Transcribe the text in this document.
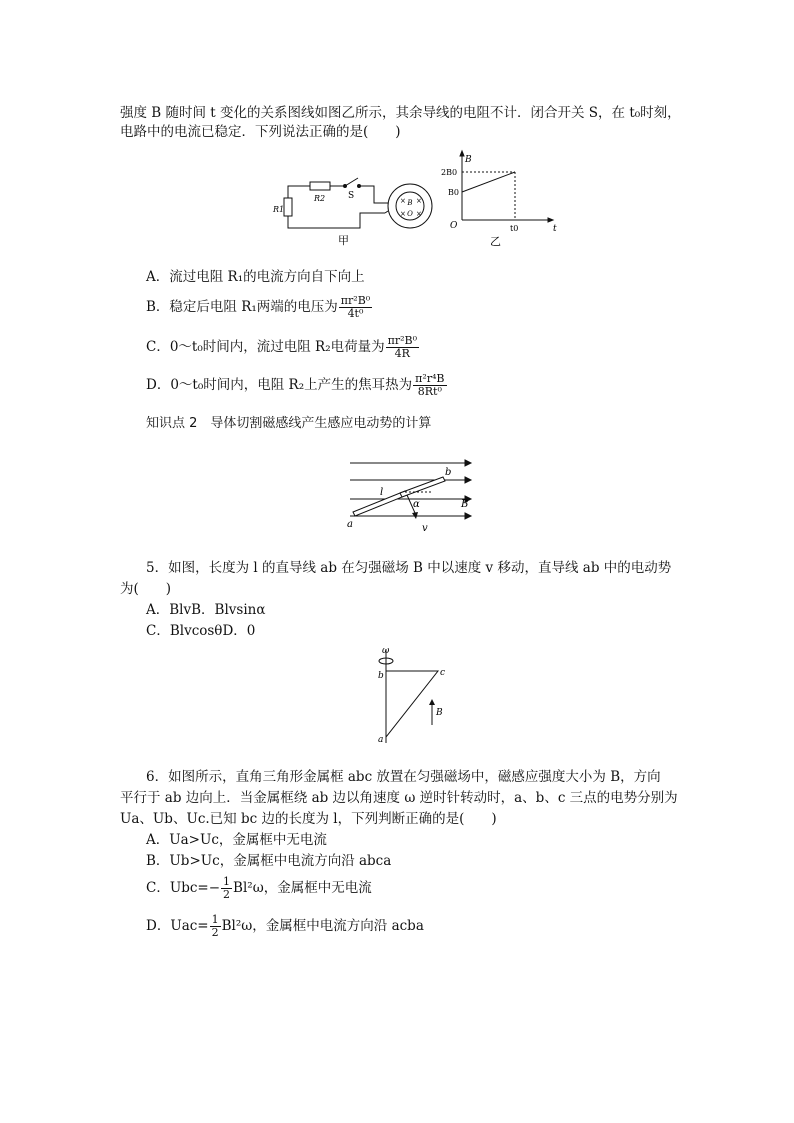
强度 B 随时间 t 变化的关系图线如图乙所示，其余导线的电阻不计．闭合开关 S，在 t₀时刻，
电路中的电流已稳定．下列说法正确的是(　　)
B
O
× ×
× ×
R1
R2	S
甲
B
t
O
2B0
B0
t0
乙
A．流过电阻 R₁的电流方向自下向上
B．稳定后电阻 R₁两端的电压为 $\frac{\text{πr²B⁰}}{\text{4t⁰}}$
C．0～t₀时间内，流过电阻 R₂电荷量为 $\frac{\text{πr²B⁰}}{4R}$
D．0～t₀时间内，电阻 R₂上产生的焦耳热为 $\frac{\text{π²r⁴B}}{\text{8Rt⁰}}$
知识点 2　导体切割磁感线产生感应电动势的计算
a
b
l
α	B
v
5．如图，长度为 l 的直导线 ab 在匀强磁场 B 中以速度 v 移动，直导线 ab 中的电动势
为(　　)
A．BlvB．Blvsinα
C．BlvcosθD．0
ω
b	c
a
B
6．如图所示，直角三角形金属框 abc 放置在匀强磁场中，磁感应强度大小为 B，方向
平行于 ab 边向上．当金属框绕 ab 边以角速度 ω 逆时针转动时，a、b、c 三点的电势分别为
Ua、Ub、Uc.已知 bc 边的长度为 l，下列判断正确的是(　　)
A．Ua>Uc，金属框中无电流
B．Ub>Uc，金属框中电流方向沿 abca
C．$Ubc=- \frac{1}{2} Bl^2\omega$，金属框中无电流
D．$Uac= \frac{1}{2} Bl^2\omega$，金属框中电流方向沿 acba
